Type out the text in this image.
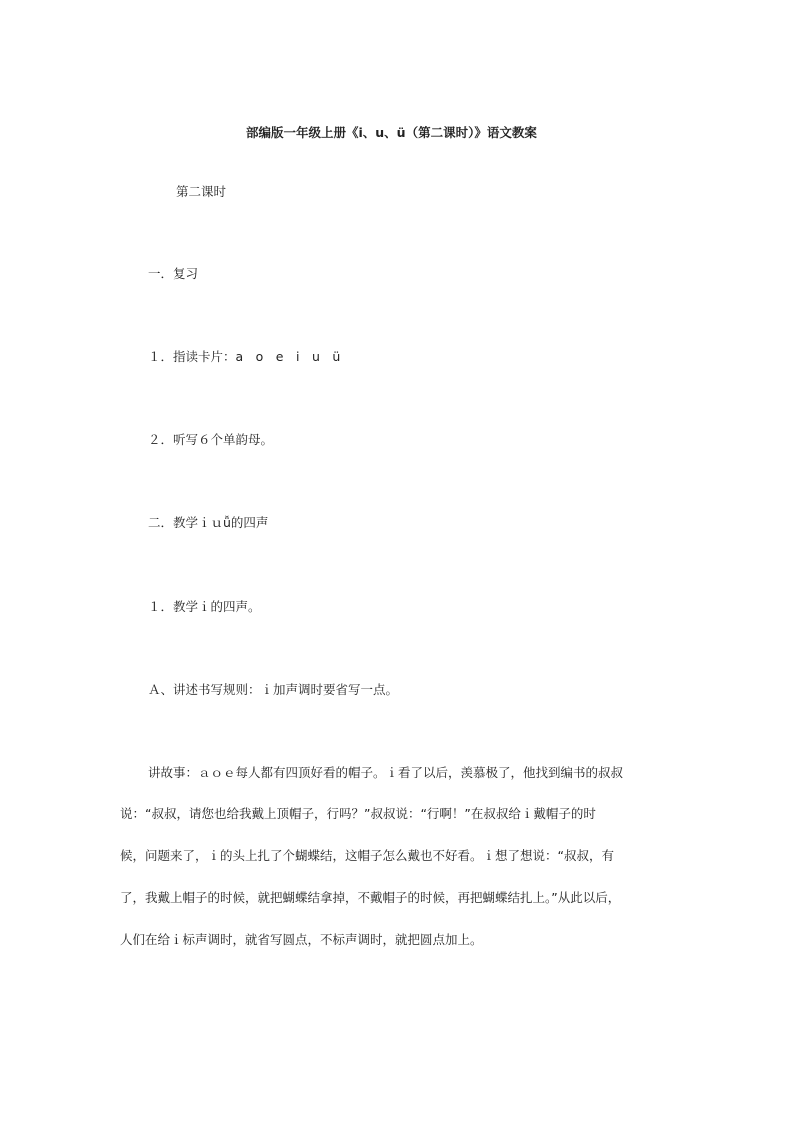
部编版一年级上册《i、u、ü（第二课时）》语文教案
第二课时
一．复习
１．指读卡片：a　o　e　i　u　ü
２．听写６个单韵母。
二．教学ｉｕǚ的四声
１．教学ｉ的四声。
Ａ、讲述书写规则：ｉ加声调时要省写一点。
讲故事：ａｏｅ每人都有四顶好看的帽子。ｉ看了以后，羡慕极了，他找到编书的叔叔
说：“叔叔，请您也给我戴上顶帽子，行吗？”叔叔说：“行啊！”在叔叔给ｉ戴帽子的时
候，问题来了，ｉ的头上扎了个蝴蝶结，这帽子怎么戴也不好看。ｉ想了想说：“叔叔，有
了，我戴上帽子的时候，就把蝴蝶结拿掉，不戴帽子的时候，再把蝴蝶结扎上。”从此以后，
人们在给ｉ标声调时，就省写圆点，不标声调时，就把圆点加上。
